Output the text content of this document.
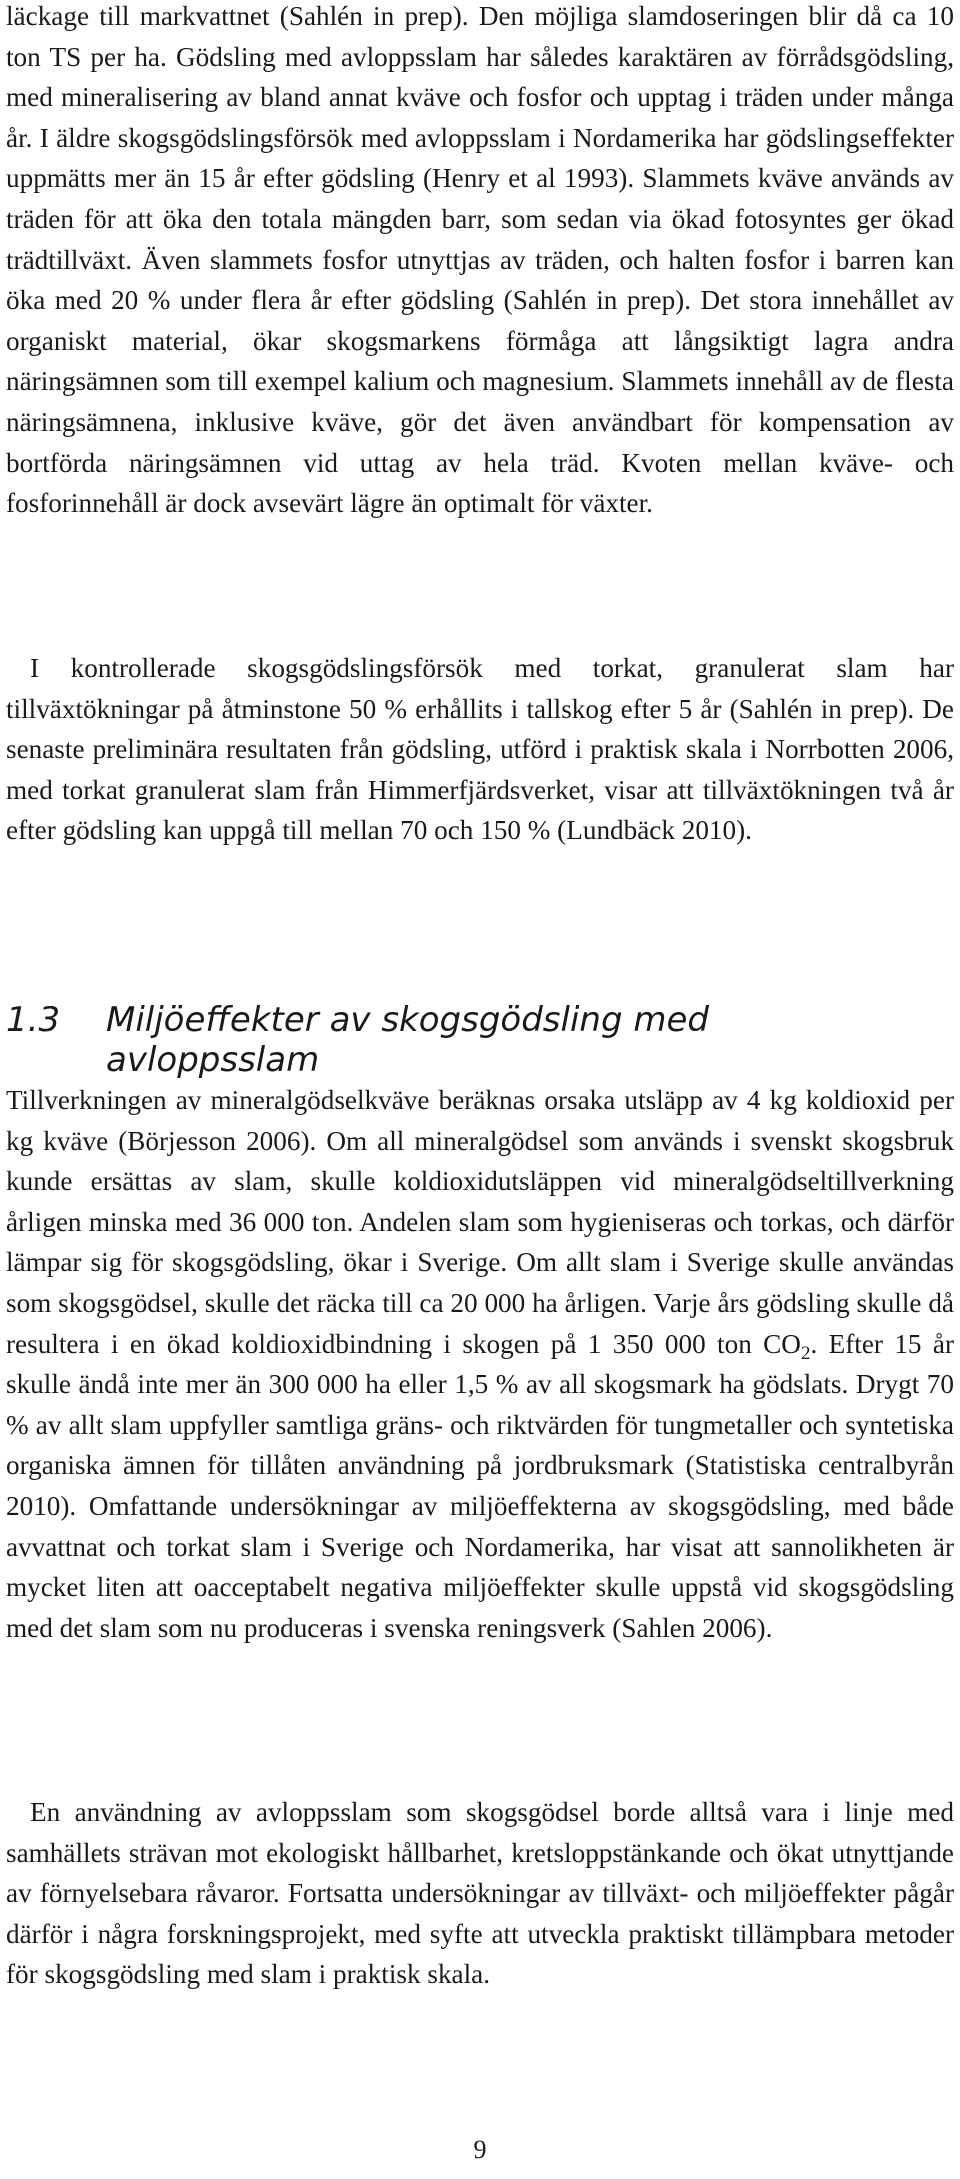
läckage till markvattnet (Sahlén in prep). Den möjliga slamdoseringen blir då ca 10 ton TS per ha. Gödsling med avloppsslam har således karaktären av förrådsgödsling, med mineralisering av bland annat kväve och fosfor och upptag i träden under många år. I äldre skogsgödslingsförsök med avloppsslam i Nordamerika har gödslingseffekter uppmätts mer än 15 år efter gödsling (Henry et al 1993). Slammets kväve används av träden för att öka den totala mängden barr, som sedan via ökad fotosyntes ger ökad trädtillväxt. Även slammets fosfor utnyttjas av träden, och halten fosfor i barren kan öka med 20 % under flera år efter gödsling (Sahlén in prep). Det stora innehållet av organiskt material, ökar skogsmarkens förmåga att långsiktigt lagra andra näringsämnen som till exempel kalium och magnesium. Slammets innehåll av de flesta näringsämnena, inklusive kväve, gör det även användbart för kompensation av bortförda näringsämnen vid uttag av hela träd. Kvoten mellan kväve- och fosforinnehåll är dock avsevärt lägre än optimalt för växter.

I kontrollerade skogsgödslingsförsök med torkat, granulerat slam har tillväxtökningar på åtminstone 50 % erhållits i tallskog efter 5 år (Sahlén in prep). De senaste preliminära resultaten från gödsling, utförd i praktisk skala i Norrbotten 2006, med torkat granulerat slam från Himmerfjärdsverket, visar att tillväxtökningen två år efter gödsling kan uppgå till mellan 70 och 150 % (Lundbäck 2010).

1.3 Miljöeffekter av skogsgödsling med avloppsslam

Tillverkningen av mineralgödselkväve beräknas orsaka utsläpp av 4 kg koldioxid per kg kväve (Börjesson 2006). Om all mineralgödsel som används i svenskt skogsbruk kunde ersättas av slam, skulle koldioxidutsläppen vid mineralgödseltillverkning årligen minska med 36 000 ton. Andelen slam som hygieniseras och torkas, och därför lämpar sig för skogsgödsling, ökar i Sverige. Om allt slam i Sverige skulle användas som skogsgödsel, skulle det räcka till ca 20 000 ha årligen. Varje års gödsling skulle då resultera i en ökad koldioxidbindning i skogen på 1 350 000 ton $CO_2$. Efter 15 år skulle ändå inte mer än 300 000 ha eller 1,5 % av all skogsmark ha gödslats. Drygt 70 % av allt slam uppfyller samtliga gräns- och riktvärden för tungmetaller och syntetiska organiska ämnen för tillåten användning på jordbruksmark (Statistiska centralbyrån 2010). Omfattande undersökningar av miljöeffekterna av skogsgödsling, med både avvattnat och torkat slam i Sverige och Nordamerika, har visat att sannolikheten är mycket liten att oacceptabelt negativa miljöeffekter skulle uppstå vid skogsgödsling med det slam som nu produceras i svenska reningsverk (Sahlen 2006).

En användning av avloppsslam som skogsgödsel borde alltså vara i linje med samhällets strävan mot ekologiskt hållbarhet, kretsloppstänkande och ökat utnyttjande av förnyelsebara råvaror. Fortsatta undersökningar av tillväxt- och miljöeffekter pågår därför i några forskningsprojekt, med syfte att utveckla praktiskt tillämpbara metoder för skogsgödsling med slam i praktisk skala.

9
